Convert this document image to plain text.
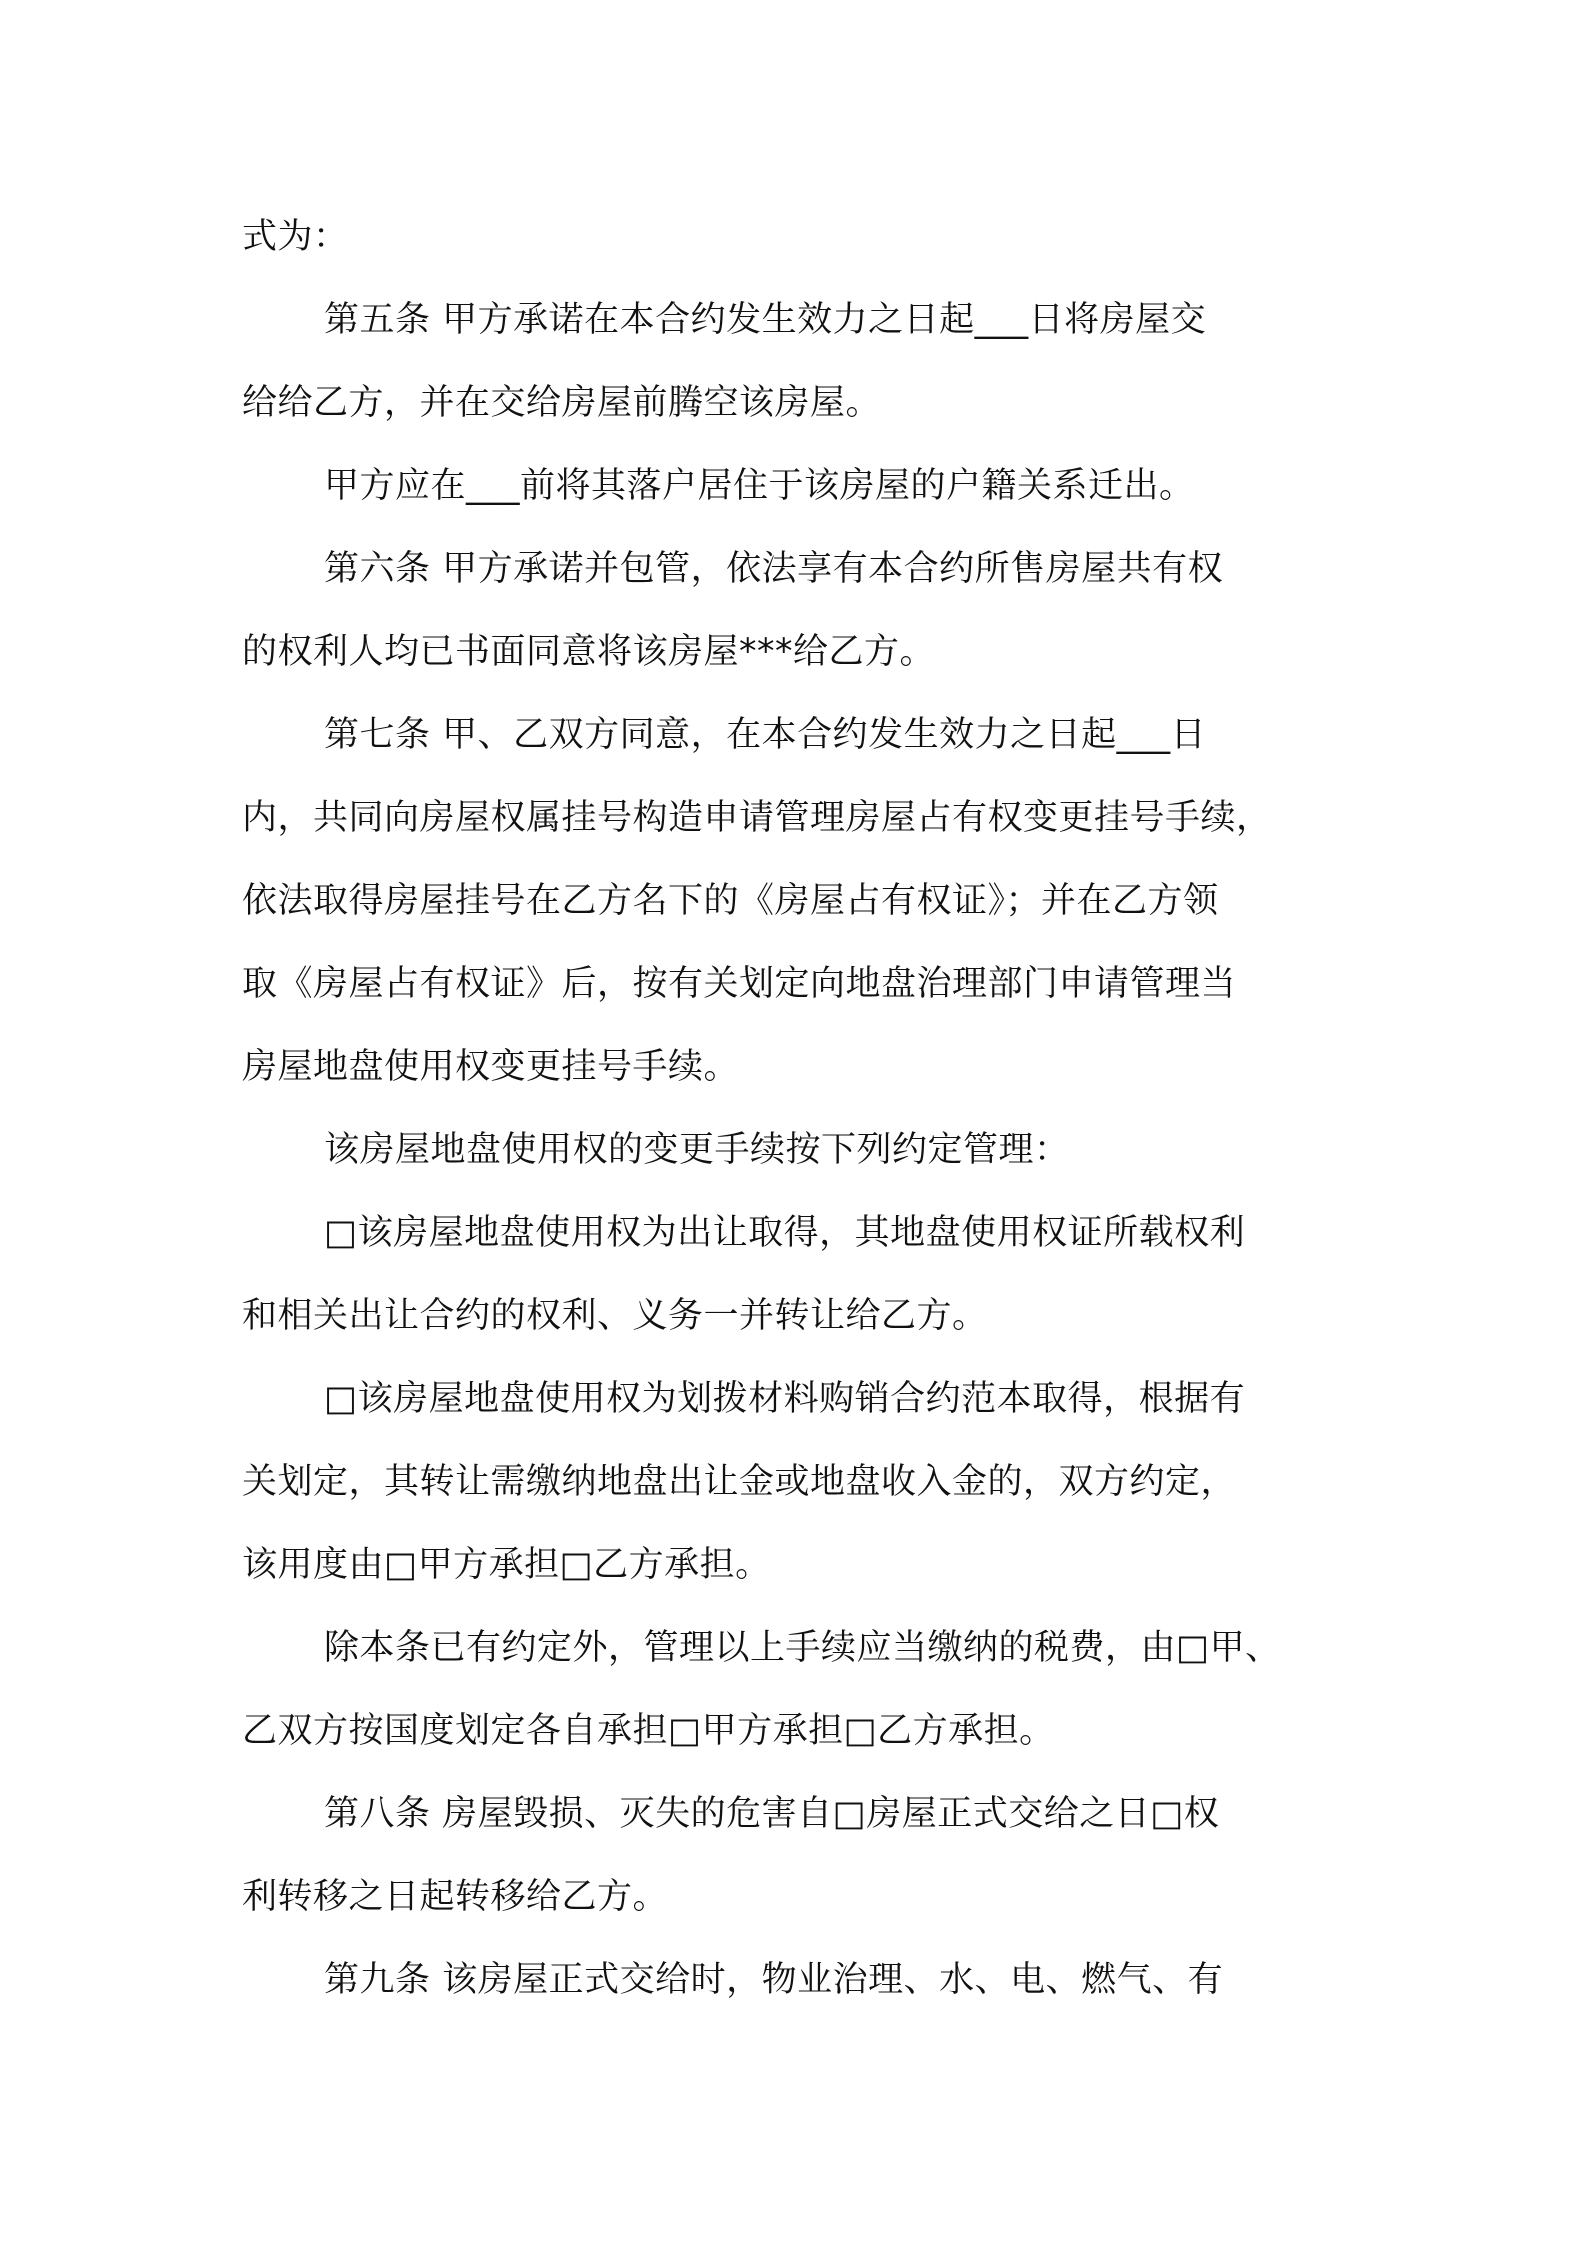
式为：
第五条 甲方承诺在本合约发生效力之日起___日将房屋交
给给乙方，并在交给房屋前腾空该房屋。
甲方应在___前将其落户居住于该房屋的户籍关系迁出。
第六条 甲方承诺并包管，依法享有本合约所售房屋共有权
的权利人均已书面同意将该房屋***给乙方。
第七条 甲、乙双方同意，在本合约发生效力之日起___日
内，共同向房屋权属挂号构造申请管理房屋占有权变更挂号手续，
依法取得房屋挂号在乙方名下的《房屋占有权证》；并在乙方领
取《房屋占有权证》后，按有关划定向地盘治理部门申请管理当
房屋地盘使用权变更挂号手续。
该房屋地盘使用权的变更手续按下列约定管理：
□该房屋地盘使用权为出让取得，其地盘使用权证所载权利
和相关出让合约的权利、义务一并转让给乙方。
□该房屋地盘使用权为划拨材料购销合约范本取得，根据有
关划定，其转让需缴纳地盘出让金或地盘收入金的，双方约定，
该用度由□甲方承担□乙方承担。
除本条已有约定外，管理以上手续应当缴纳的税费，由□甲、
乙双方按国度划定各自承担□甲方承担□乙方承担。
第八条 房屋毁损、灭失的危害自□房屋正式交给之日□权
利转移之日起转移给乙方。
第九条 该房屋正式交给时，物业治理、水、电、燃气、有
